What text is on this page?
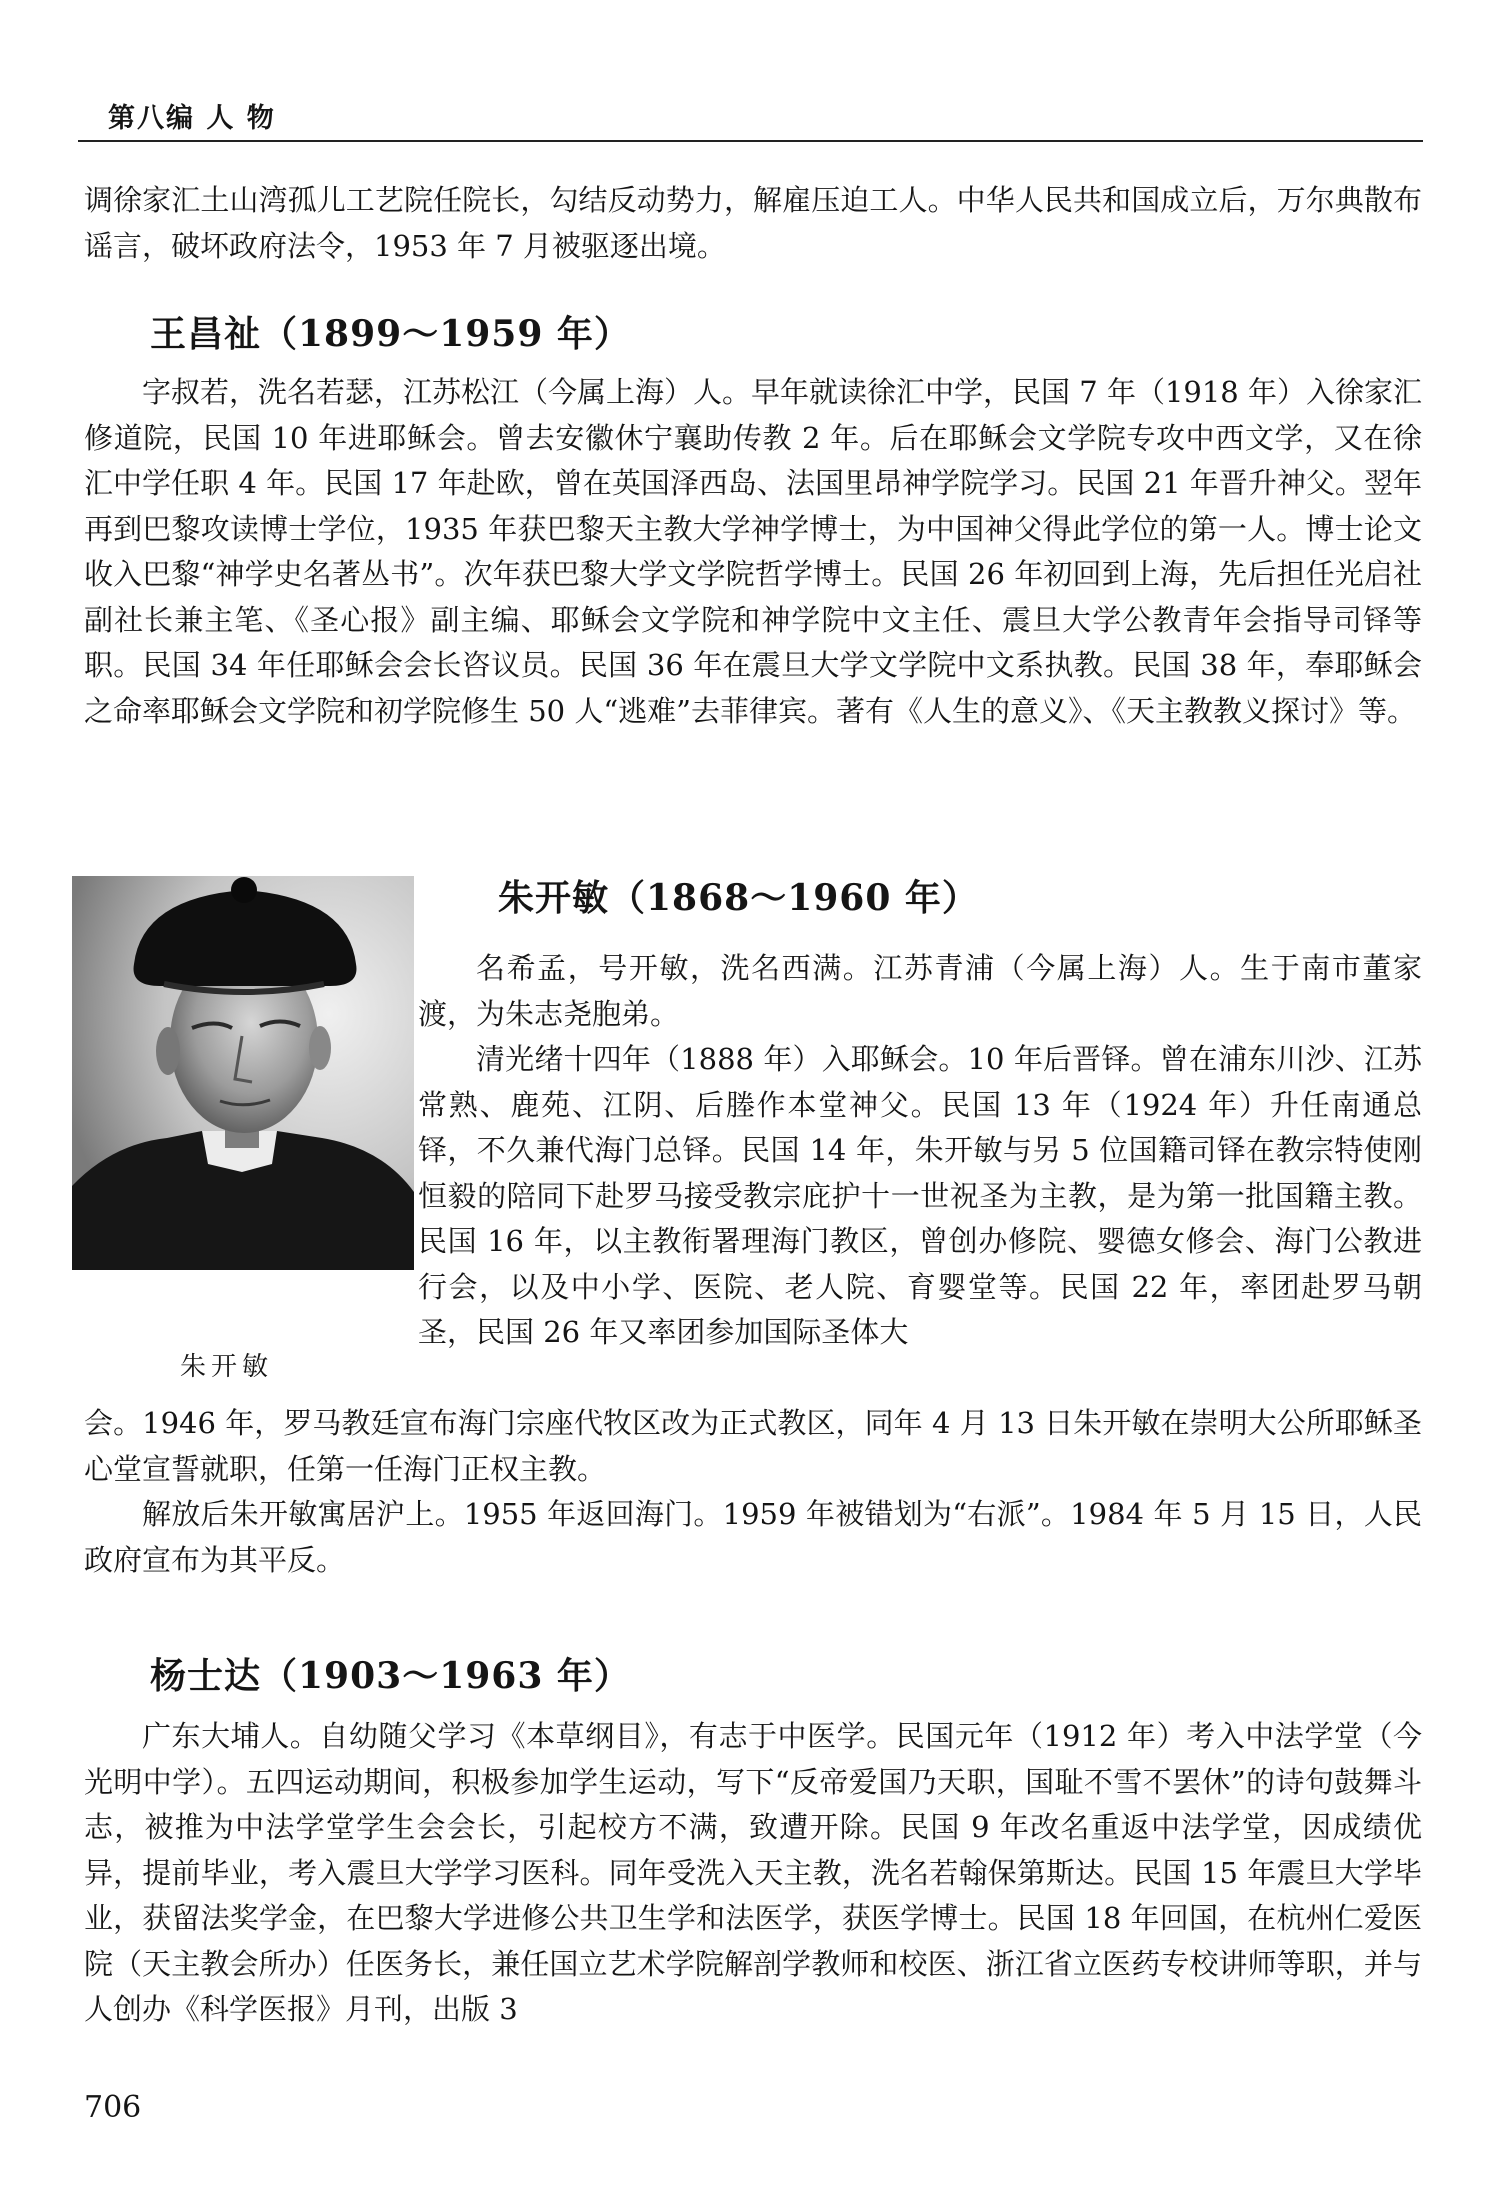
第八编 人 物

调徐家汇土山湾孤儿工艺院任院长，勾结反动势力，解雇压迫工人。中华人民共和国成立后，万尔典散布谣言，破坏政府法令，1953 年 7 月被驱逐出境。

王昌祉（1899～1959 年）

字叔若，洗名若瑟，江苏松江（今属上海）人。早年就读徐汇中学，民国 7 年（1918 年）入徐家汇修道院，民国 10 年进耶稣会。曾去安徽休宁襄助传教 2 年。后在耶稣会文学院专攻中西文学，又在徐汇中学任职 4 年。民国 17 年赴欧，曾在英国泽西岛、法国里昂神学院学习。民国 21 年晋升神父。翌年再到巴黎攻读博士学位，1935 年获巴黎天主教大学神学博士，为中国神父得此学位的第一人。博士论文收入巴黎“神学史名著丛书”。次年获巴黎大学文学院哲学博士。民国 26 年初回到上海，先后担任光启社副社长兼主笔、《圣心报》副主编、耶稣会文学院和神学院中文主任、震旦大学公教青年会指导司铎等职。民国 34 年任耶稣会会长咨议员。民国 36 年在震旦大学文学院中文系执教。民国 38 年，奉耶稣会之命率耶稣会文学院和初学院修生 50 人“逃难”去菲律宾。著有《人生的意义》、《天主教教义探讨》等。

朱开敏（1868～1960 年）
朱开敏

名希孟，号开敏，洗名西满。江苏青浦（今属上海）人。生于南市董家渡，为朱志尧胞弟。

清光绪十四年（1888 年）入耶稣会。10 年后晋铎。曾在浦东川沙、江苏常熟、鹿苑、江阴、后塍作本堂神父。民国 13 年（1924 年）升任南通总铎，不久兼代海门总铎。民国 14 年，朱开敏与另 5 位国籍司铎在教宗特使刚恒毅的陪同下赴罗马接受教宗庇护十一世祝圣为主教，是为第一批国籍主教。民国 16 年，以主教衔署理海门教区，曾创办修院、婴德女修会、海门公教进行会，以及中小学、医院、老人院、育婴堂等。民国 22 年，率团赴罗马朝圣，民国 26 年又率团参加国际圣体大

会。1946 年，罗马教廷宣布海门宗座代牧区改为正式教区，同年 4 月 13 日朱开敏在崇明大公所耶稣圣心堂宣誓就职，任第一任海门正权主教。

解放后朱开敏寓居沪上。1955 年返回海门。1959 年被错划为“右派”。1984 年 5 月 15 日，人民政府宣布为其平反。

杨士达（1903～1963 年）

广东大埔人。自幼随父学习《本草纲目》，有志于中医学。民国元年（1912 年）考入中法学堂（今光明中学）。五四运动期间，积极参加学生运动，写下“反帝爱国乃天职，国耻不雪不罢休”的诗句鼓舞斗志，被推为中法学堂学生会会长，引起校方不满，致遭开除。民国 9 年改名重返中法学堂，因成绩优异，提前毕业，考入震旦大学学习医科。同年受洗入天主教，洗名若翰保第斯达。民国 15 年震旦大学毕业，获留法奖学金，在巴黎大学进修公共卫生学和法医学，获医学博士。民国 18 年回国，在杭州仁爱医院（天主教会所办）任医务长，兼任国立艺术学院解剖学教师和校医、浙江省立医药专校讲师等职，并与人创办《科学医报》月刊，出版 3

706
